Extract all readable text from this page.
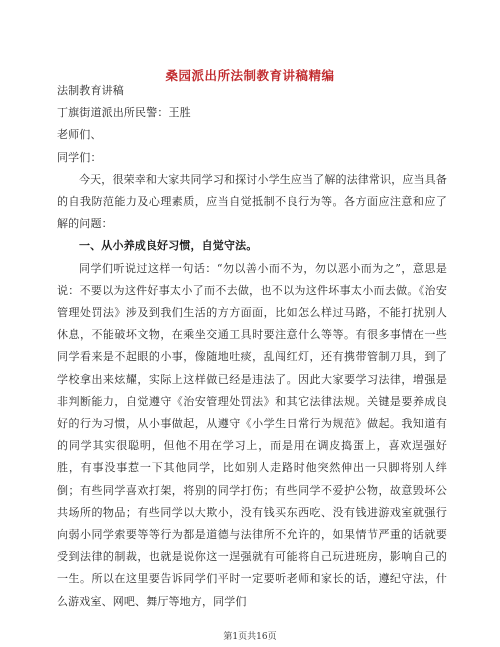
桑园派出所法制教育讲稿精编

法制教育讲稿

丁旗街道派出所民警：王胜

老师们、

同学们：

今天，很荣幸和大家共同学习和探讨小学生应当了解的法律常识，应当具备的自我防范能力及心理素质，应当自觉抵制不良行为等。各方面应注意和应了解的问题：

一、从小养成良好习惯，自觉守法。

同学们听说过这样一句话：“勿以善小而不为，勿以恶小而为之”，意思是说：不要以为这件好事太小了而不去做，也不以为这件坏事太小而去做。《治安管理处罚法》涉及到我们生活的方方面面，比如怎么样过马路，不能打扰别人休息，不能破坏文物，在乘坐交通工具时要注意什么等等。有很多事情在一些同学看来是不起眼的小事，像随地吐痰，乱闯红灯，还有携带管制刀具，到了学校拿出来炫耀，实际上这样做已经是违法了。因此大家要学习法律，增强是非判断能力，自觉遵守《治安管理处罚法》和其它法律法规。关键是要养成良好的行为习惯，从小事做起，从遵守《小学生日常行为规范》做起。我知道有的同学其实很聪明，但他不用在学习上，而是用在调皮捣蛋上，喜欢逞强好胜，有事没事惹一下其他同学，比如别人走路时他突然伸出一只脚将别人绊倒；有些同学喜欢打架，将别的同学打伤；有些同学不爱护公物，故意毁坏公共场所的物品；有些同学以大欺小，没有钱买东西吃、没有钱进游戏室就强行向弱小同学索要等等行为都是道德与法律所不允许的，如果情节严重的话就要受到法律的制裁，也就是说你这一逞强就有可能将自己玩进班房，影响自己的一生。所以在这里要告诉同学们平时一定要听老师和家长的话，遵纪守法，什么游戏室、网吧、舞厅等地方，同学们

第1页共16页
